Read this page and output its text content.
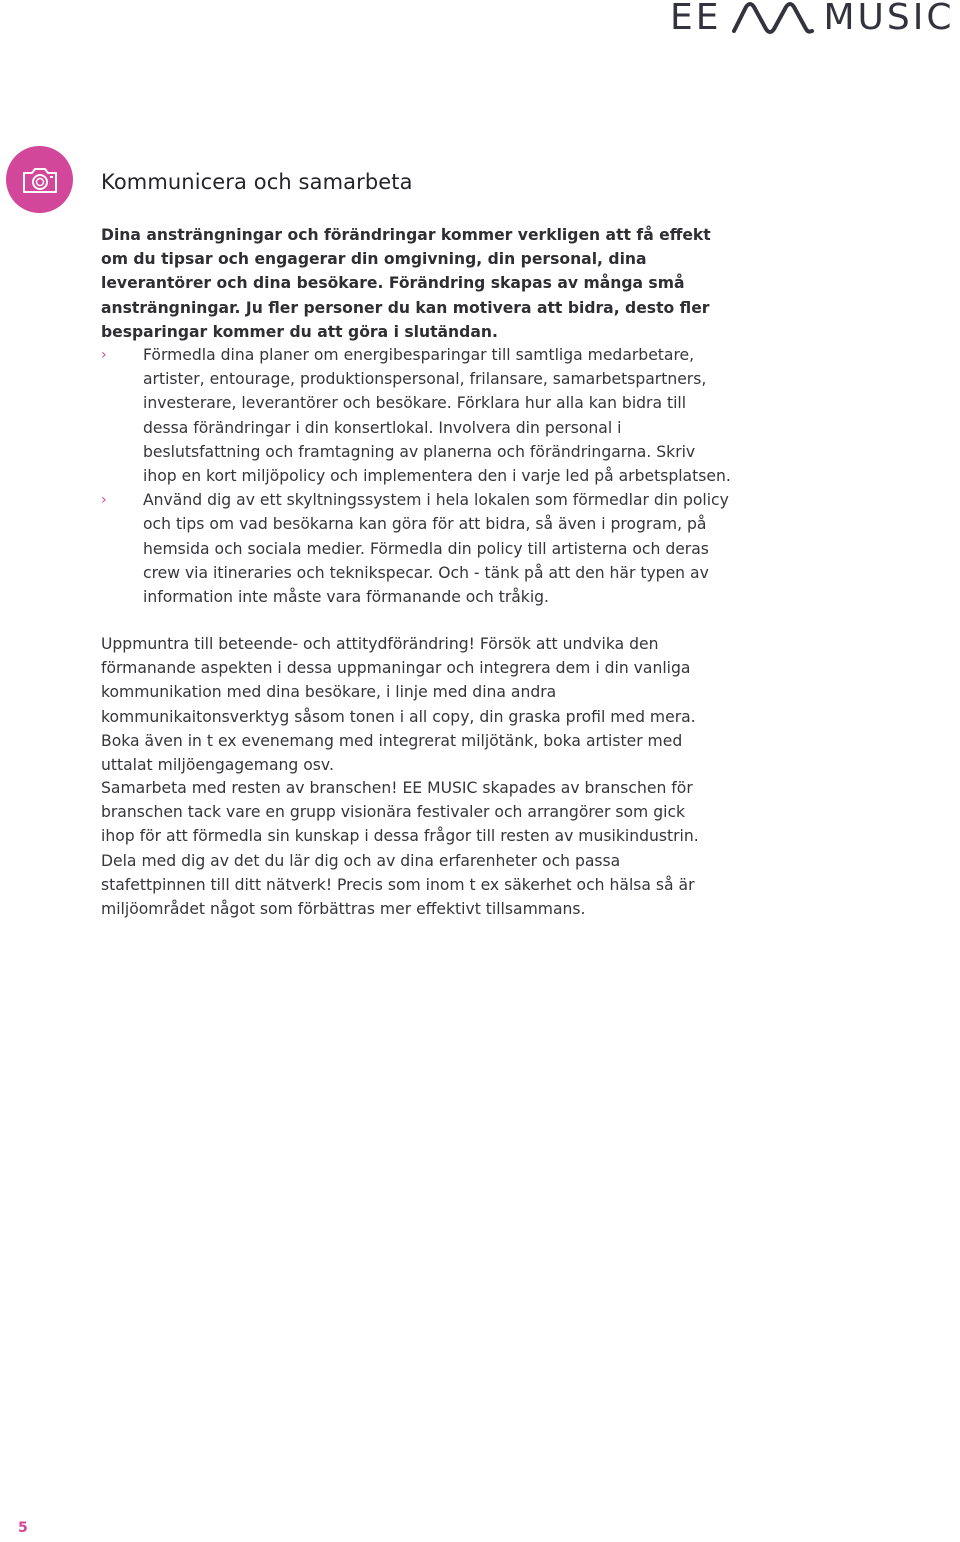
EE	MUSIC
Kommunicera och samarbeta

Dina ansträngningar och förändringar kommer verkligen att få effekt om du tipsar och engagerar din omgivning, din personal, dina leverantörer och dina besökare. Förändring skapas av många små ansträngningar. Ju fler personer du kan motivera att bidra, desto fler besparingar kommer du att göra i slutändan.

› Förmedla dina planer om energibesparingar till samtliga medarbetare, artister, entourage, produktionspersonal, frilansare, samarbetspartners, investerare, leverantörer och besökare. Förklara hur alla kan bidra till dessa förändringar i din konsertlokal. Involvera din personal i beslutsfattning och framtagning av planerna och förändringarna. Skriv ihop en kort miljöpolicy och implementera den i varje led på arbetsplatsen.
› Använd dig av ett skyltningssystem i hela lokalen som förmedlar din policy och tips om vad besökarna kan göra för att bidra, så även i program, på hemsida och sociala medier. Förmedla din policy till artisterna och deras crew via itineraries och teknikspecar. Och - tänk på att den här typen av information inte måste vara förmanande och tråkig.

Uppmuntra till beteende- och attitydförändring! Försök att undvika den förmanande aspekten i dessa uppmaningar och integrera dem i din vanliga kommunikation med dina besökare, i linje med dina andra kommunikaitonsverktyg såsom tonen i all copy, din graska profil med mera. Boka även in t ex evenemang med integrerat miljötänk, boka artister med uttalat miljöengagemang osv.

Samarbeta med resten av branschen! EE MUSIC skapades av branschen för branschen tack vare en grupp visionära festivaler och arrangörer som gick ihop för att förmedla sin kunskap i dessa frågor till resten av musikindustrin. Dela med dig av det du lär dig och av dina erfarenheter och passa stafettpinnen till ditt nätverk! Precis som inom t ex säkerhet och hälsa så är miljöområdet något som förbättras mer effektivt tillsammans.

5
